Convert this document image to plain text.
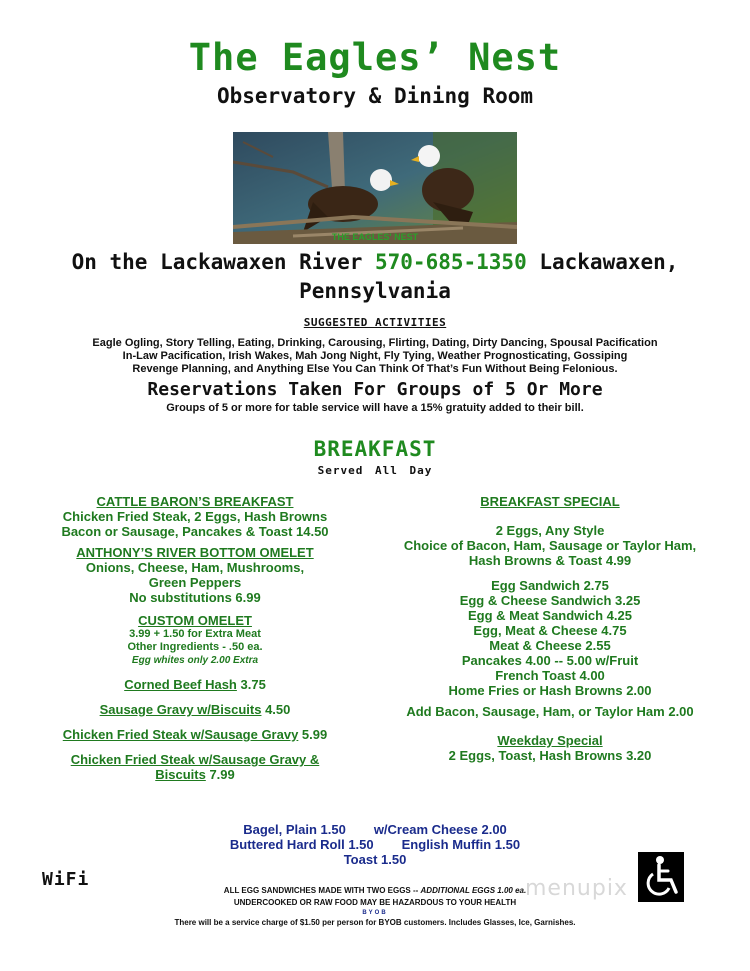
The Eagles’ Nest
Observatory & Dining Room
THE EAGLES' NEST
On the Lackawaxen River 570-685-1350 Lackawaxen, Pennsylvania
SUGGESTED ACTIVITIES
Eagle Ogling, Story Telling, Eating, Drinking, Carousing, Flirting, Dating, Dirty Dancing, Spousal Pacification
In-Law Pacification, Irish Wakes, Mah Jong Night, Fly Tying, Weather Prognosticating, Gossiping
Revenge Planning, and Anything Else You Can Think Of That’s Fun Without Being Felonious.
Reservations Taken For Groups of 5 Or More
Groups of 5 or more for table service will have a 15% gratuity added to their bill.
BREAKFAST
Served All Day
CATTLE BARON’S BREAKFAST
Chicken Fried Steak, 2 Eggs, Hash Browns
Bacon or Sausage, Pancakes & Toast 14.50
ANTHONY’S RIVER BOTTOM OMELET
Onions, Cheese, Ham, Mushrooms,
Green Peppers
No substitutions 6.99
CUSTOM OMELET
3.99 + 1.50 for Extra Meat
Other Ingredients - .50 ea.
Egg whites only 2.00 Extra
Corned Beef Hash 3.75
Sausage Gravy w/Biscuits 4.50
Chicken Fried Steak w/Sausage Gravy 5.99
Chicken Fried Steak w/Sausage Gravy &
Biscuits 7.99
BREAKFAST SPECIAL
2 Eggs, Any Style
Choice of Bacon, Ham, Sausage or Taylor Ham,
Hash Browns & Toast 4.99
Egg Sandwich 2.75
Egg & Cheese Sandwich 3.25
Egg & Meat Sandwich 4.25
Egg, Meat & Cheese 4.75
Meat & Cheese 2.55
Pancakes 4.00 -- 5.00 w/Fruit
French Toast 4.00
Home Fries or Hash Browns 2.00
Add Bacon, Sausage, Ham, or Taylor Ham 2.00
Weekday Special
2 Eggs, Toast, Hash Browns 3.20
Bagel, Plain 1.50 w/Cream Cheese 2.00
Buttered Hard Roll 1.50 English Muffin 1.50
Toast 1.50
WiFi	menupix
ALL EGG SANDWICHES MADE WITH TWO EGGS -- ADDITIONAL EGGS 1.00 ea.
UNDERCOOKED OR RAW FOOD MAY BE HAZARDOUS TO YOUR HEALTH
BYOB
There will be a service charge of $1.50 per person for BYOB customers. Includes Glasses, Ice, Garnishes.
